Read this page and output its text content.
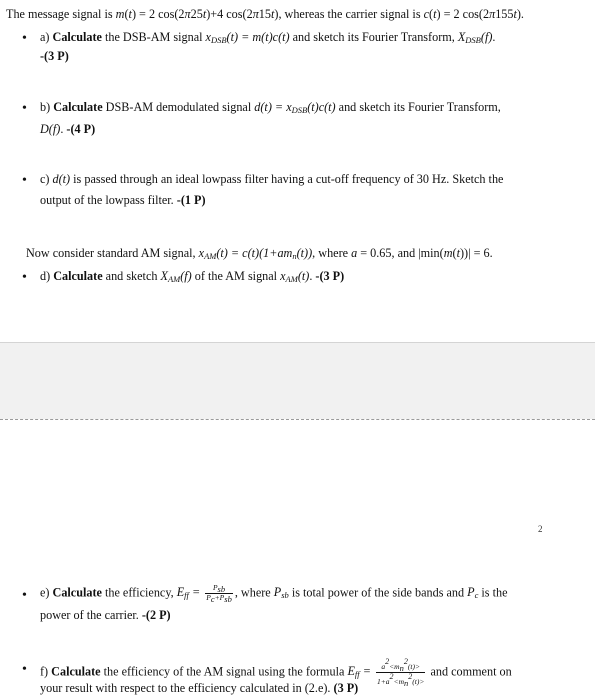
The message signal is m(t) = 2 cos(2π25t)+4 cos(2π15t), whereas the carrier signal is c(t) = 2 cos(2π155t).
• a) Calculate the DSB-AM signal $x_{DSB}(t) = m(t)c(t)$ and sketch its Fourier Transform, $X_{DSB}(f)$.
-(3 P)
• b) Calculate DSB-AM demodulated signal $d(t) = x_{DSB}(t)c(t)$ and sketch its Fourier Transform,
D(f). -(4 P)
• c) d(t) is passed through an ideal lowpass filter having a cut-off frequency of 30 Hz. Sketch the
output of the lowpass filter. -(1 P)
Now consider standard AM signal, $x_{AM}(t) = c(t)(1+am_n(t))$, where a = 0.65, and |min(m(t))| = 6.
• d) Calculate and sketch $X_{AM}(f)$ of the AM signal $x_{AM}(t)$. -(3 P)
2
• e) Calculate the efficiency, $E_{ff} = \frac{\text{Psb}}{\text{Pc+Psb}}$ , where $P_{sb}$ is total power of the side bands and $P_c$ is the
power of the carrier. -(2 P)
• f) Calculate the efficiency of the AM signal using the formula $E_{ff} = \frac{a2<mn2(t)>}{1+a2<mn2(t)>}$ and comment on
your result with respect to the efficiency calculated in (2.e). (3 P)
